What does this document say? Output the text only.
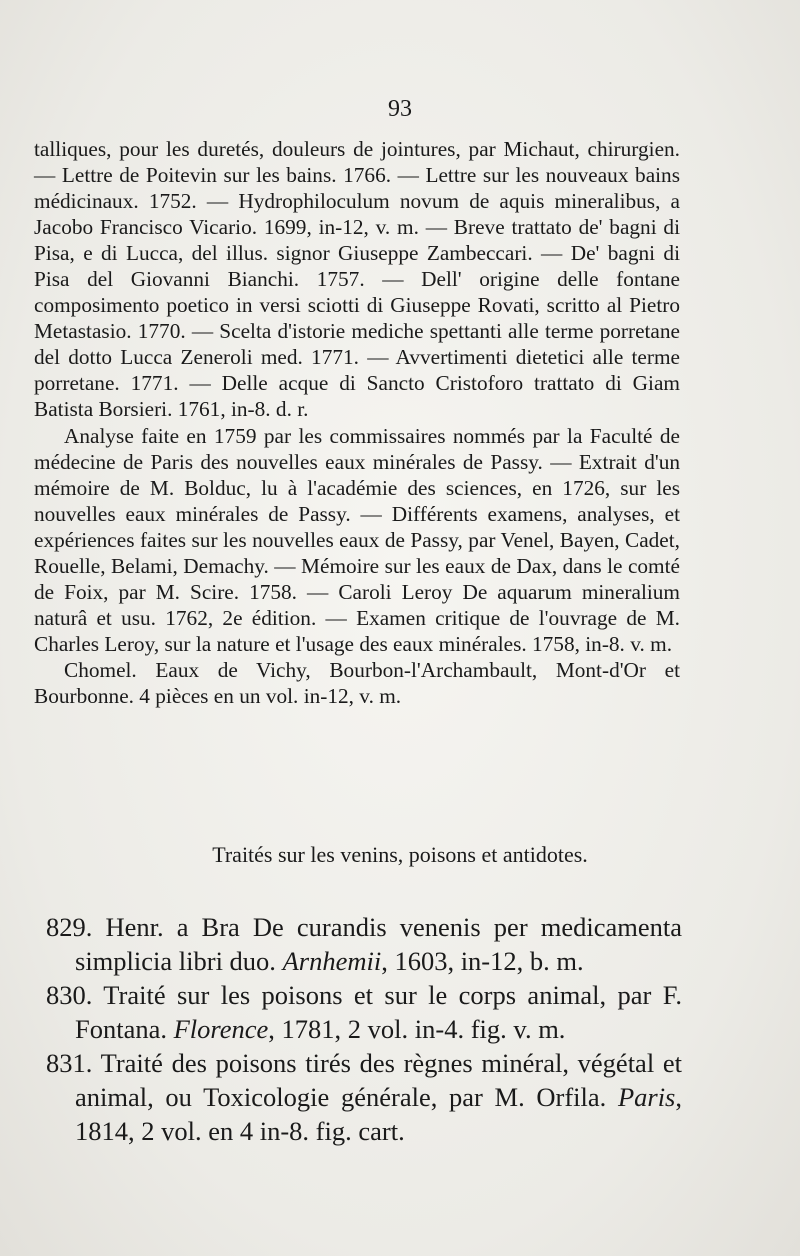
93

talliques, pour les duretés, douleurs de jointures, par Michaut, chirurgien. — Lettre de Poitevin sur les bains. 1766. — Lettre sur les nouveaux bains médicinaux. 1752. — Hydrophiloculum novum de aquis mineralibus, a Jacobo Francisco Vicario. 1699, in-12, v. m. — Breve trattato de' bagni di Pisa, e di Lucca, del illus. signor Giuseppe Zambeccari. — De' bagni di Pisa del Giovanni Bianchi. 1757. — Dell' origine delle fontane composimento poetico in versi sciotti di Giuseppe Rovati, scritto al Pietro Metastasio. 1770. — Scelta d'istorie mediche spettanti alle terme porretane del dotto Lucca Zeneroli med. 1771. — Avvertimenti dietetici alle terme porretane. 1771. — Delle acque di Sancto Cristoforo trattato di Giam Batista Borsieri. 1761, in-8. d. r.

Analyse faite en 1759 par les commissaires nommés par la Faculté de médecine de Paris des nouvelles eaux minérales de Passy. — Extrait d'un mémoire de M. Bolduc, lu à l'académie des sciences, en 1726, sur les nouvelles eaux minérales de Passy. — Différents examens, analyses, et expériences faites sur les nouvelles eaux de Passy, par Venel, Bayen, Cadet, Rouelle, Belami, Demachy. — Mémoire sur les eaux de Dax, dans le comté de Foix, par M. Scire. 1758. — Caroli Leroy De aquarum mineralium naturâ et usu. 1762, 2e édition. — Examen critique de l'ouvrage de M. Charles Leroy, sur la nature et l'usage des eaux minérales. 1758, in-8. v. m.

Chomel. Eaux de Vichy, Bourbon-l'Archambault, Mont-d'Or et Bourbonne. 4 pièces en un vol. in-12, v. m.

Traités sur les venins, poisons et antidotes.

829. Henr. a Bra De curandis venenis per medicamenta simplicia libri duo. Arnhemii, 1603, in-12, b. m.

830. Traité sur les poisons et sur le corps animal, par F. Fontana. Florence, 1781, 2 vol. in-4. fig. v. m.

831. Traité des poisons tirés des règnes minéral, végétal et animal, ou Toxicologie générale, par M. Orfila. Paris, 1814, 2 vol. en 4 in-8. fig. cart.
